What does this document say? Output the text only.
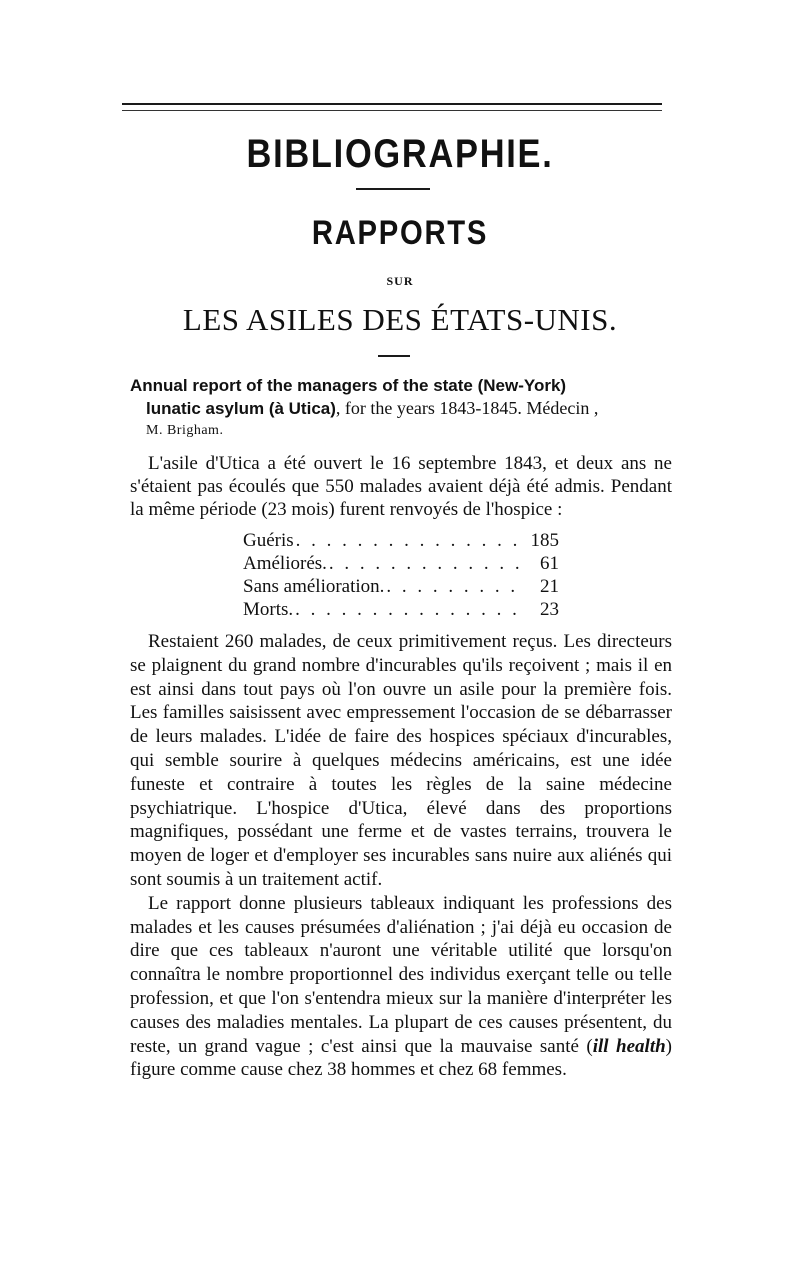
BIBLIOGRAPHIE.
RAPPORTS
SUR
LES ASILES DES ÉTATS-UNIS.
Annual report of the managers of the state (New-York)
lunatic asylum (à Utica), for the years 1843-1845. Médecin ,
M. Brigham.

L'asile d'Utica a été ouvert le 16 septembre 1843, et deux ans ne s'étaient pas écoulés que 550 malades avaient déjà été admis. Pendant la même période (23 mois) furent renvoyés de l'hospice :

Guéris . . .	185
Améliorés. . . .	61
Sans amélioration. . . .	21
Morts. . . .	23

Restaient 260 malades, de ceux primitivement reçus. Les directeurs se plaignent du grand nombre d'incurables qu'ils reçoivent ; mais il en est ainsi dans tout pays où l'on ouvre un asile pour la première fois. Les familles saisissent avec empressement l'occasion de se débarrasser de leurs malades. L'idée de faire des hospices spéciaux d'incurables, qui semble sourire à quelques médecins américains, est une idée funeste et contraire à toutes les règles de la saine médecine psychiatrique. L'hospice d'Utica, élevé dans des proportions magnifiques, possédant une ferme et de vastes terrains, trouvera le moyen de loger et d'employer ses incurables sans nuire aux aliénés qui sont soumis à un traitement actif.

Le rapport donne plusieurs tableaux indiquant les professions des malades et les causes présumées d'aliénation ; j'ai déjà eu occasion de dire que ces tableaux n'auront une véritable utilité que lorsqu'on connaîtra le nombre proportionnel des individus exerçant telle ou telle profession, et que l'on s'entendra mieux sur la manière d'interpréter les causes des maladies mentales. La plupart de ces causes présentent, du reste, un grand vague ; c'est ainsi que la mauvaise santé (ill health) figure comme cause chez 38 hommes et chez 68 femmes.
